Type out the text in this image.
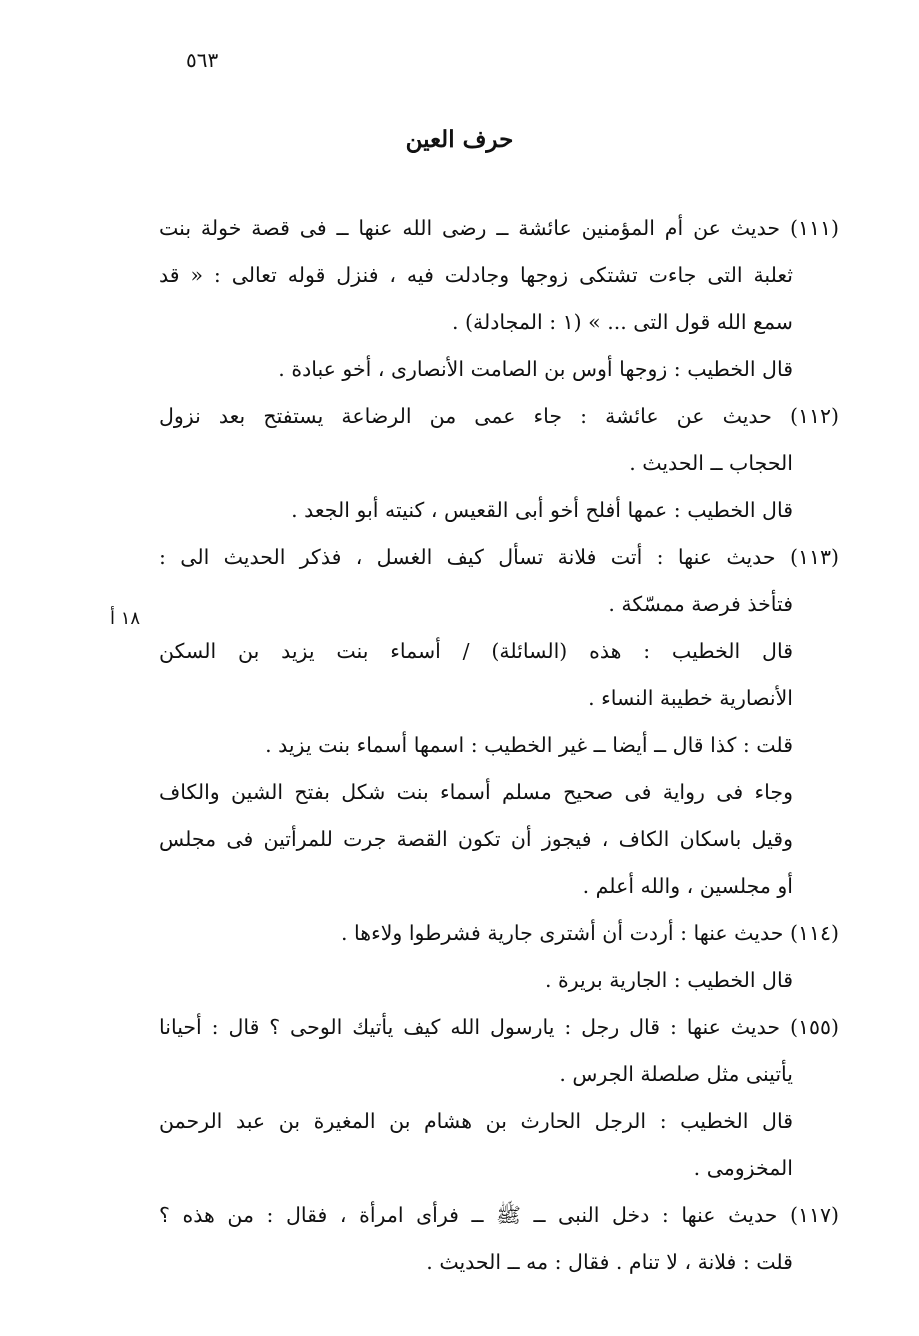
٥٦٣
حرف العين
١٨ أ
(١١١) حديث عن أم المؤمنين عائشة ــ رضى الله عنها ــ فى قصة خولة بنت
ثعلبة التى جاءت تشتكى زوجها وجادلت فيه ، فنزل قوله تعالى : « قد
سمع الله قول التى ... » (١ : المجادلة) .
قال الخطيب : زوجها أوس بن الصامت الأنصارى ، أخو عبادة .
(١١٢) حديث عن عائشة : جاء عمى من الرضاعة يستفتح بعد نزول
الحجاب ــ الحديث .
قال الخطيب : عمها أفلح أخو أبى القعيس ، كنيته أبو الجعد .
(١١٣) حديث عنها : أتت فلانة تسأل كيف الغسل ، فذكر الحديث الى :
فتأخذ فرصة ممسّكة .
قال الخطيب : هذه (السائلة) / أسماء بنت يزيد بن السكن
الأنصارية خطيبة النساء .
قلت : كذا قال ــ أيضا ــ غير الخطيب : اسمها أسماء بنت يزيد .
وجاء فى رواية فى صحيح مسلم أسماء بنت شكل بفتح الشين والكاف
وقيل باسكان الكاف ، فيجوز أن تكون القصة جرت للمرأتين فى مجلس
أو مجلسين ، والله أعلم .
(١١٤) حديث عنها : أردت أن أشترى جارية فشرطوا ولاءها .
قال الخطيب : الجارية بريرة .
(١٥٥) حديث عنها : قال رجل : يارسول الله كيف يأتيك الوحى ؟ قال : أحيانا
يأتينى مثل صلصلة الجرس .
قال الخطيب : الرجل الحارث بن هشام بن المغيرة بن عبد الرحمن
المخزومى .
(١١٧) حديث عنها : دخل النبى ــ ﷺ ــ فرأى امرأة ، فقال : من هذه ؟
قلت : فلانة ، لا تنام . فقال : مه ــ الحديث .
